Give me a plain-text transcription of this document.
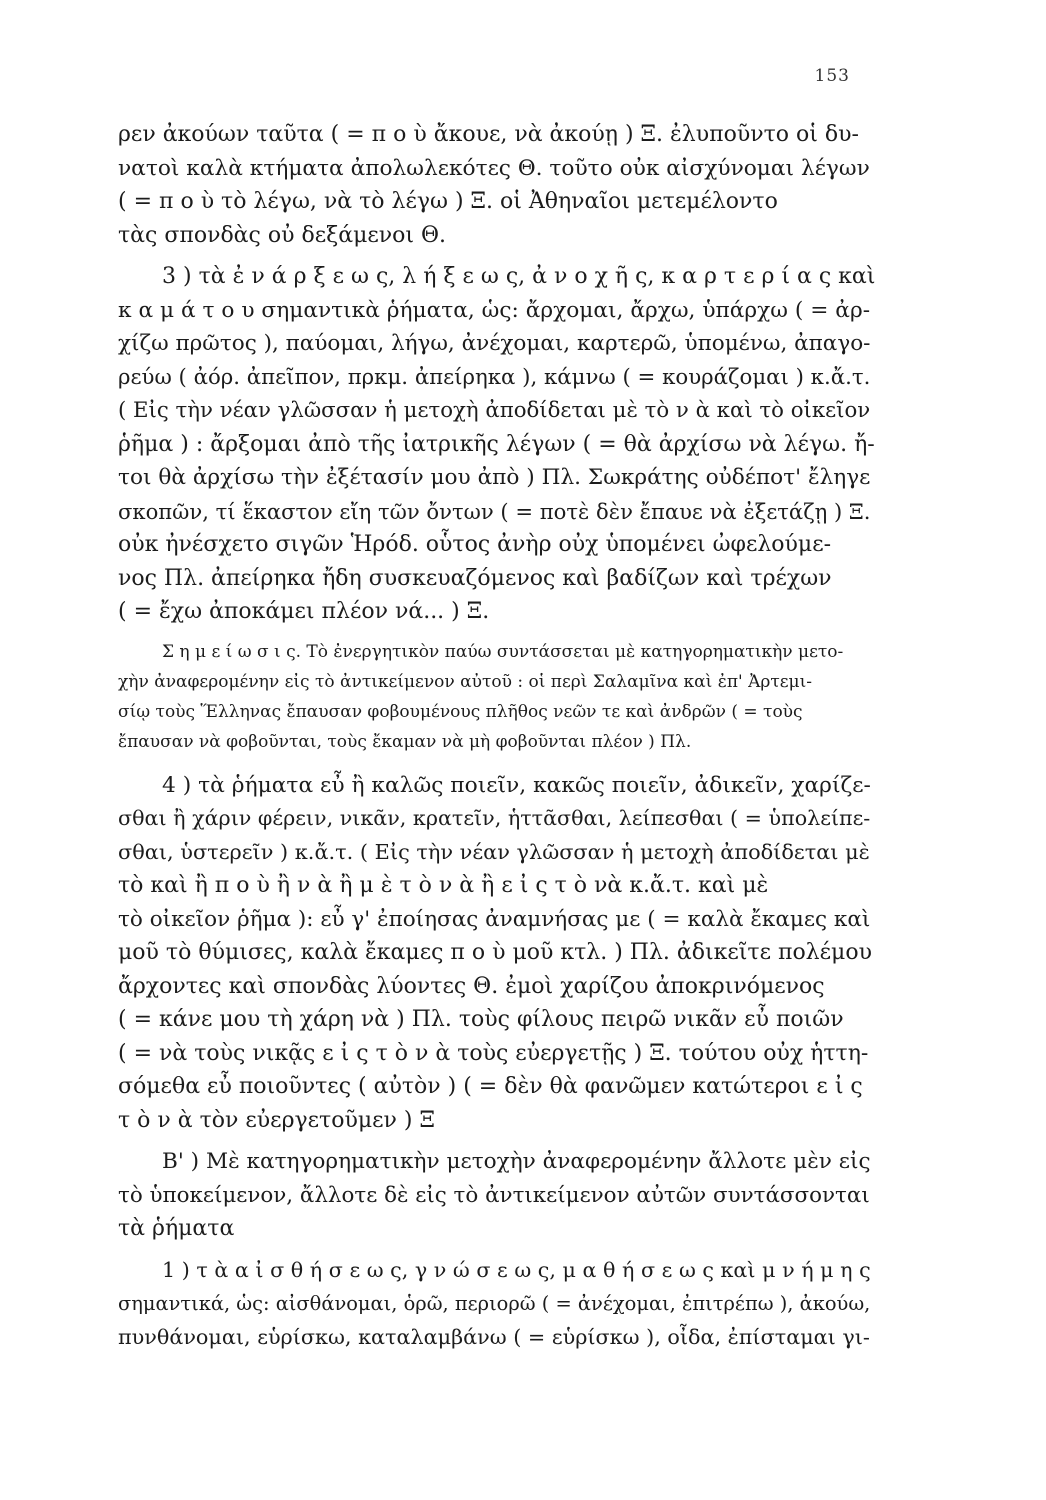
153
ρεν ἀκούων ταῦτα ( = π ο ὺ ἄκουε, νὰ ἀκούῃ ) Ξ. ἐλυποῦντο οἱ δυ-
νατοὶ καλὰ κτήματα ἀπολωλεκότες Θ. τοῦτο οὐκ αἰσχύνομαι λέγων
( = π ο ὺ τὸ λέγω, νὰ τὸ λέγω ) Ξ. οἱ Ἀθηναῖοι μετεμέλοντο
τὰς σπονδὰς οὐ δεξάμενοι Θ.
3 ) τὰ ἐ ν ά ρ ξ ε ω ς, λ ή ξ ε ω ς, ἀ ν ο χ ῆ ς, κ α ρ τ ε ρ ί α ς καὶ
κ α μ ά τ ο υ σημαντικὰ ῥήματα, ὡς: ἄρχομαι, ἄρχω, ὑπάρχω ( = ἀρ-
χίζω πρῶτος ), παύομαι, λήγω, ἀνέχομαι, καρτερῶ, ὑπομένω, ἀπαγο-
ρεύω ( ἀόρ. ἀπεῖπον, πρκμ. ἀπείρηκα ), κάμνω ( = κουράζομαι ) κ.ἄ.τ.
( Εἰς τὴν νέαν γλῶσσαν ἡ μετοχὴ ἀποδίδεται μὲ τὸ ν ὰ καὶ τὸ οἰκεῖον
ῥῆμα ) : ἄρξομαι ἀπὸ τῆς ἰατρικῆς λέγων ( = θὰ ἀρχίσω νὰ λέγω. ἤ-
τοι θὰ ἀρχίσω τὴν ἐξέτασίν μου ἀπὸ ) Πλ. Σωκράτης οὐδέποτ' ἔληγε
σκοπῶν, τί ἕκαστον εἴη τῶν ὄντων ( = ποτὲ δὲν ἔπαυε νὰ ἐξετάζῃ ) Ξ.
οὐκ ἠνέσχετο σιγῶν Ἡρόδ. οὗτος ἀνὴρ οὐχ ὑπομένει ὠφελούμε-
νος Πλ. ἀπείρηκα ἤδη συσκευαζόμενος καὶ βαδίζων καὶ τρέχων
( = ἔχω ἀποκάμει πλέον νά... ) Ξ.
Σ η μ ε ί ω σ ι ς. Τὸ ἐνεργητικὸν παύω συντάσσεται μὲ κατηγορηματικὴν μετο-
χὴν ἀναφερομένην εἰς τὸ ἀντικείμενον αὐτοῦ : οἱ περὶ Σαλαμῖνα καὶ ἐπ' Ἀρτεμι-
σίῳ τοὺς Ἕλληνας ἔπαυσαν φοβουμένους πλῆθος νεῶν τε καὶ ἀνδρῶν ( = τοὺς
ἔπαυσαν νὰ φοβοῦνται, τοὺς ἔκαμαν νὰ μὴ φοβοῦνται πλέον ) Πλ.
4 ) τὰ ῥήματα εὖ ἢ καλῶς ποιεῖν, κακῶς ποιεῖν, ἀδικεῖν, χαρίζε-
σθαι ἢ χάριν φέρειν, νικᾶν, κρατεῖν, ἡττᾶσθαι, λείπεσθαι ( = ὑπολείπε-
σθαι, ὑστερεῖν ) κ.ἄ.τ. ( Εἰς τὴν νέαν γλῶσσαν ἡ μετοχὴ ἀποδίδεται μὲ
τὸ καὶ ἢ π ο ὺ ἢ ν ὰ ἢ μ ὲ τ ὸ ν ὰ ἢ ε ἰ ς τ ὸ νὰ κ.ἄ.τ. καὶ μὲ
τὸ οἰκεῖον ῥῆμα ): εὖ γ' ἐποίησας ἀναμνήσας με ( = καλὰ ἔκαμες καὶ
μοῦ τὸ θύμισες, καλὰ ἔκαμες π ο ὺ μοῦ κτλ. ) Πλ. ἀδικεῖτε πολέμου
ἄρχοντες καὶ σπονδὰς λύοντες Θ. ἐμοὶ χαρίζου ἀποκρινόμενος
( = κάνε μου τὴ χάρη νὰ ) Πλ. τοὺς φίλους πειρῶ νικᾶν εὖ ποιῶν
( = νὰ τοὺς νικᾷς ε ἰ ς τ ὸ ν ὰ τοὺς εὐεργετῇς ) Ξ. τούτου οὐχ ἡττη-
σόμεθα εὖ ποιοῦντες ( αὐτὸν ) ( = δὲν θὰ φανῶμεν κατώτεροι ε ἰ ς
τ ὸ ν ὰ τὸν εὐεργετοῦμεν ) Ξ
Β' ) Μὲ κατηγορηματικὴν μετοχὴν ἀναφερομένην ἄλλοτε μὲν εἰς
τὸ ὑποκείμενον, ἄλλοτε δὲ εἰς τὸ ἀντικείμενον αὐτῶν συντάσσονται
τὰ ῥήματα
1 ) τ ὰ α ἰ σ θ ή σ ε ω ς, γ ν ώ σ ε ω ς, μ α θ ή σ ε ω ς καὶ μ ν ή μ η ς
σημαντικά, ὡς: αἰσθάνομαι, ὁρῶ, περιορῶ ( = ἀνέχομαι, ἐπιτρέπω ), ἀκούω,
πυνθάνομαι, εὑρίσκω, καταλαμβάνω ( = εὑρίσκω ), οἶδα, ἐπίσταμαι γι-
